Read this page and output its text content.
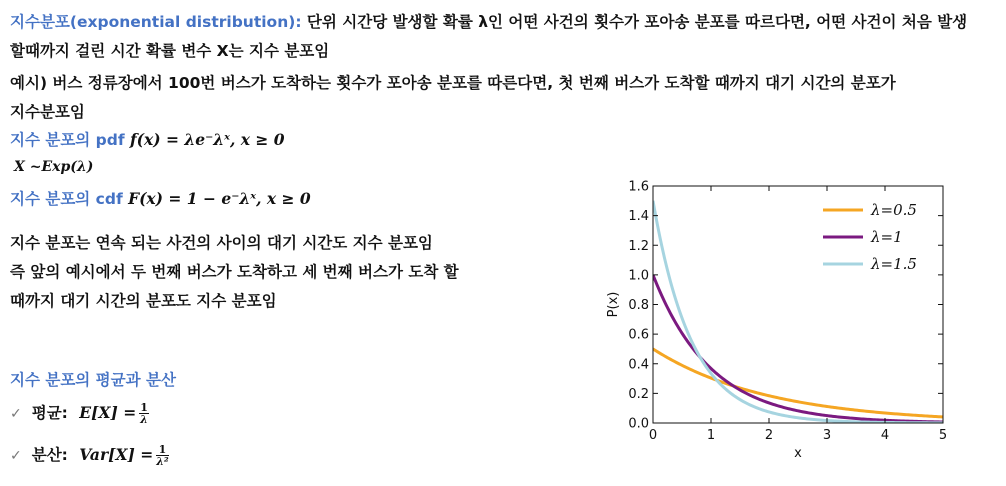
지수분포(exponential distribution): 단위 시간당 발생할 확률 λ인 어떤 사건의 횟수가 포아송 분포를 따르다면, 어떤 사건이 처음 발생
할때까지 걸린 시간 확률 변수 X는 지수 분포임
예시) 버스 정류장에서 100번 버스가 도착하는 횟수가 포아송 분포를 따른다면, 첫 번째 버스가 도착할 때까지 대기 시간의 분포가
지수분포임
지수 분포의 pdf f(x) = λe⁻λˣ, x ≥ 0
X ~Exp(λ)
지수 분포의 cdf F(x) = 1 − e⁻λˣ, x ≥ 0
지수 분포는 연속 되는 사건의 사이의 대기 시간도 지수 분포임
즉 앞의 예시에서 두 번째 버스가 도착하고 세 번째 버스가 도착 할
때까지 대기 시간의 분포도 지수 분포임
지수 분포의 평균과 분산
✓ 평균: $E[X] = \frac{1}{\lambda}$
✓ 분산: $Var[X] = \frac{1}{\text{λ²}}$
0	1	2	3	4	5
0.0
0.2
0.4
0.6
0.8
1.0
1.2
1.4
1.6
x
P(x)
λ=0.5
λ=1
λ=1.5
